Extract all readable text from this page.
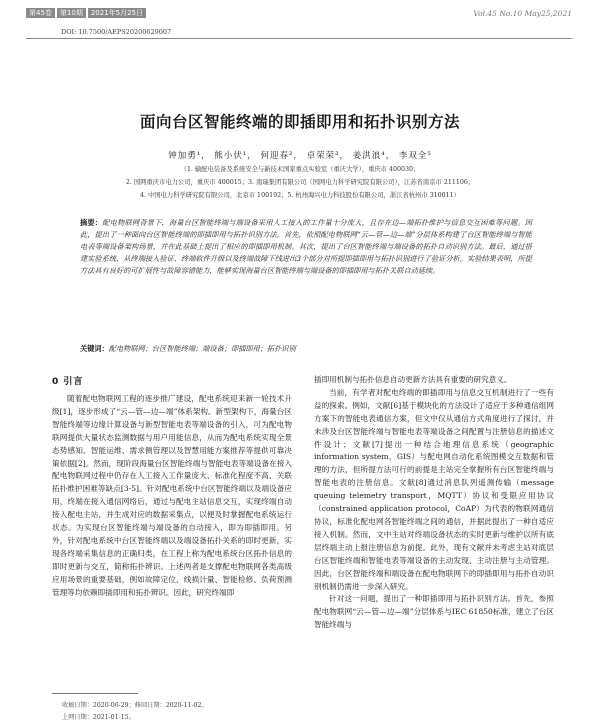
第45卷	第10期	2021年5月25日	Vol.45 No.10 May25,2021
DOI: 10.7500/AEPS20200629007
面向台区智能终端的即插即用和拓扑识别方法
钟加勇¹， 熊小伏¹， 何迎春²， 卓荣荣³， 姜洪浪⁴， 李双全⁵
（1. 输配电装备及系统安全与新技术国家重点实验室（重庆大学），重庆市 400030；
2. 国网重庆市电力公司，重庆市 400015；3. 南瑞集团有限公司（国网电力科学研究院有限公司），江苏省南京市 211106；
4. 中国电力科学研究院有限公司，北京市 100192；5. 杭州海兴电力科技股份有限公司，浙江省杭州市 310011）
摘要：配电物联网背景下，海量台区智能终端与端设备采用人工接入的工作量十分庞大，且存在边—端拓扑维护与信息交互困难等问题。因此，提出了一种面向台区智能终端的即插即用与拓扑识别方法。首先，依照配电物联网“云—管—边—端”分层体系构建了台区智能终端与智能电表等端设备架构场景，并在此基础上提出了相应的即插即用机制。其次，提出了台区智能终端与端设备的拓扑自动识别方法。最后，通过搭建实验系统，从终端接入验证、终端软件升级以及终端故障下线进出3个部分对所提即插即用与拓扑识别进行了验证分析。实验结果表明，所提方法具有良好的可扩展性与故障容错能力，能够实现海量台区智能终端与端设备的即插即用与拓扑关联自动延续。
关键词：配电物联网；台区智能终端；端设备；即插即用；拓扑识别
0 引言

随着配电物联网工程的逐步推广建设，配电系统迎来新一轮技术升级[1]，逐步形成了“云—管—边—端”体系架构。新型架构下，海量台区智能终端等边缘计算设备与新型智能电表等端设备的引入，可为配电物联网提供大量状态监测数据与用户用能信息，从而为配电系统实现全景态势感知、智能运维、需求侧管理以及智慧用能方案推荐等提供可靠决策依据[2]。然而，现阶段海量台区智能终端与智能电表等端设备在接入配电物联网过程中仍存在人工接入工作量庞大、标准化程度不高、关联拓扑维护困难等缺点[3-5]。针对配电系统中台区智能终端以及端设备应用，终端在接入通信网络后，通过与配电主站信息交互，实现终端自动接入配电主站，并生成对应的数据采集点，以便及时掌握配电系统运行状态。为实现台区智能终端与端设备的自动接入，即为即插即用。另外，针对配电系统中台区智能终端以及端设备拓扑关系的即时更新，实现各终端采集信息的正确归类，在工程上称为配电系统台区拓扑信息的即时更新与交互，简称拓扑辨识。上述两者是支撑配电物联网各类高级应用场景的重要基础，例如故障定位、线损计量、智能检修、负荷预测管理等均依赖即插即用和拓扑辨识。因此，研究终端即

插即用机制与拓扑信息自动更新方法具有重要的研究意义。

当前，有学者对配电终端的即插即用与信息交互机制进行了一些有益的探索。例如，文献[6]基于模块化的方法设计了适应于多种通信组网方案下的智能电表通信方案，但文中仅从通信方式角度进行了探讨，并未涉及台区智能终端与智能电表等端设备之间配置与注册信息的描述文件设计；文献[7]提出一种结合地理信息系统（geographic information system，GIS）与配电网自动化系统图模交互数据和管理的方法，但所提方法可行的前提是主站完全掌握所有台区智能终端与智能电表的注册信息。文献[8]通过消息队列遥测传输（message queuing telemetry transport，MQTT）协议和受限应用协议（constrained application protocol，CoAP）为代表的物联网通信协议，标准化配电网各智能终端之间的通信，并据此提出了一种自适应接入机制。然而，文中主站对终端设备状态的实时更新与维护以所有底层终端主动上报注册信息为前提。此外，现有文献并未考虑主站对底层台区智能终端和智能电表等端设备的主动发现、主动注册与主动管理。因此，台区智能终端和端设备在配电物联网下的即插即用与拓扑自动识别机制仍需进一步深入研究。

针对这一问题，提出了一种即插即用与拓扑识别方法。首先，参照配电物联网“云—管—边—端”分层体系与IEC 61850标准，建立了台区智能终端与

收稿日期：2020-06-29；修回日期：2020-11-02。
上网日期：2021-01-15。
